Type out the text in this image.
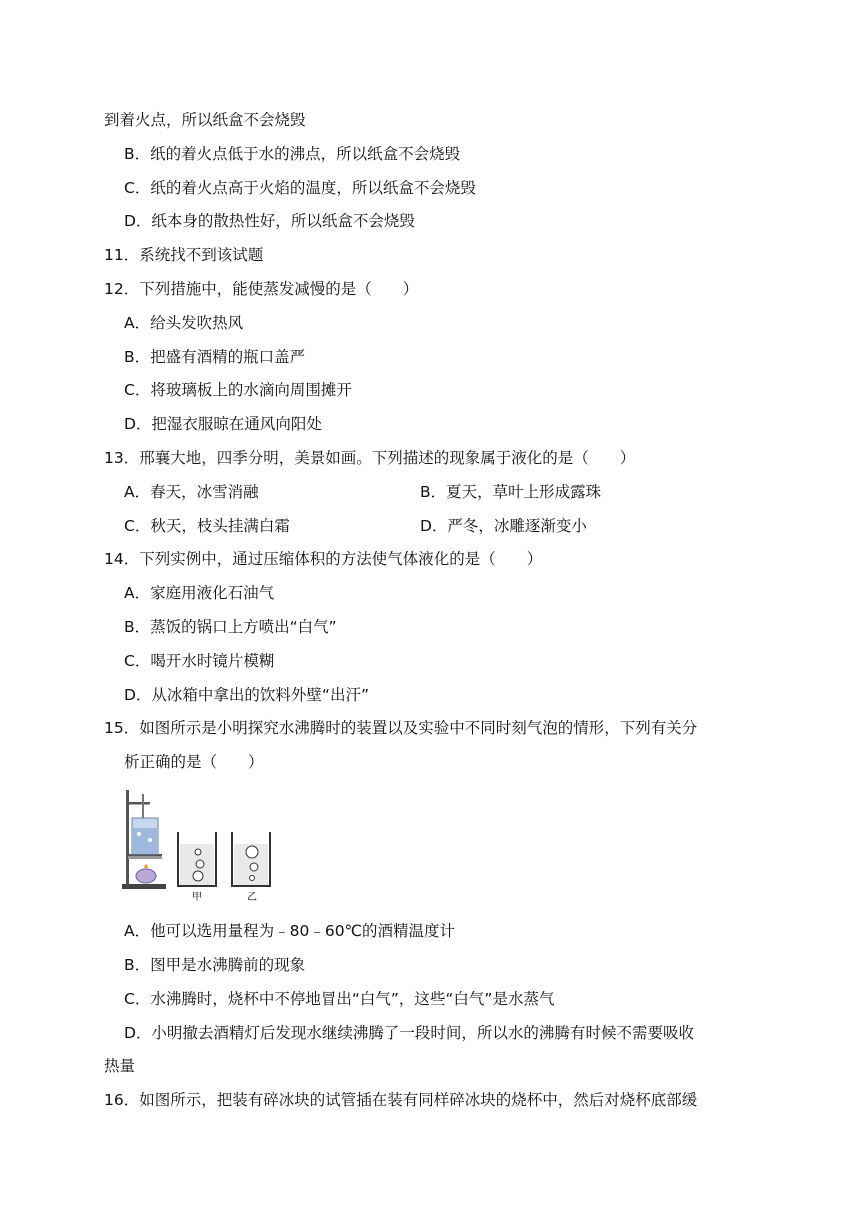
到着火点，所以纸盒不会烧毁
B．纸的着火点低于水的沸点，所以纸盒不会烧毁
C．纸的着火点高于火焰的温度，所以纸盒不会烧毁
D．纸本身的散热性好，所以纸盒不会烧毁
11．系统找不到该试题
12．下列措施中，能使蒸发减慢的是（　　）
A．给头发吹热风
B．把盛有酒精的瓶口盖严
C．将玻璃板上的水滴向周围摊开
D．把湿衣服晾在通风向阳处
13．邢襄大地，四季分明，美景如画。下列描述的现象属于液化的是（　　）
A．春天，冰雪消融	B．夏天，草叶上形成露珠
C．秋天，枝头挂满白霜	D．严冬，冰雕逐渐变小
14．下列实例中，通过压缩体积的方法使气体液化的是（　　）
A．家庭用液化石油气
B．蒸饭的锅口上方喷出“白气”
C．喝开水时镜片模糊
D．从冰箱中拿出的饮料外壁“出汗”
15．如图所示是小明探究水沸腾时的装置以及实验中不同时刻气泡的情形，下列有关分
析正确的是（　　）
甲	乙
A．他可以选用量程为﹣80﹣60℃的酒精温度计
B．图甲是水沸腾前的现象
C．水沸腾时，烧杯中不停地冒出“白气”，这些“白气”是水蒸气
D．小明撤去酒精灯后发现水继续沸腾了一段时间，所以水的沸腾有时候不需要吸收
热量
16．如图所示，把装有碎冰块的试管插在装有同样碎冰块的烧杯中，然后对烧杯底部缓
